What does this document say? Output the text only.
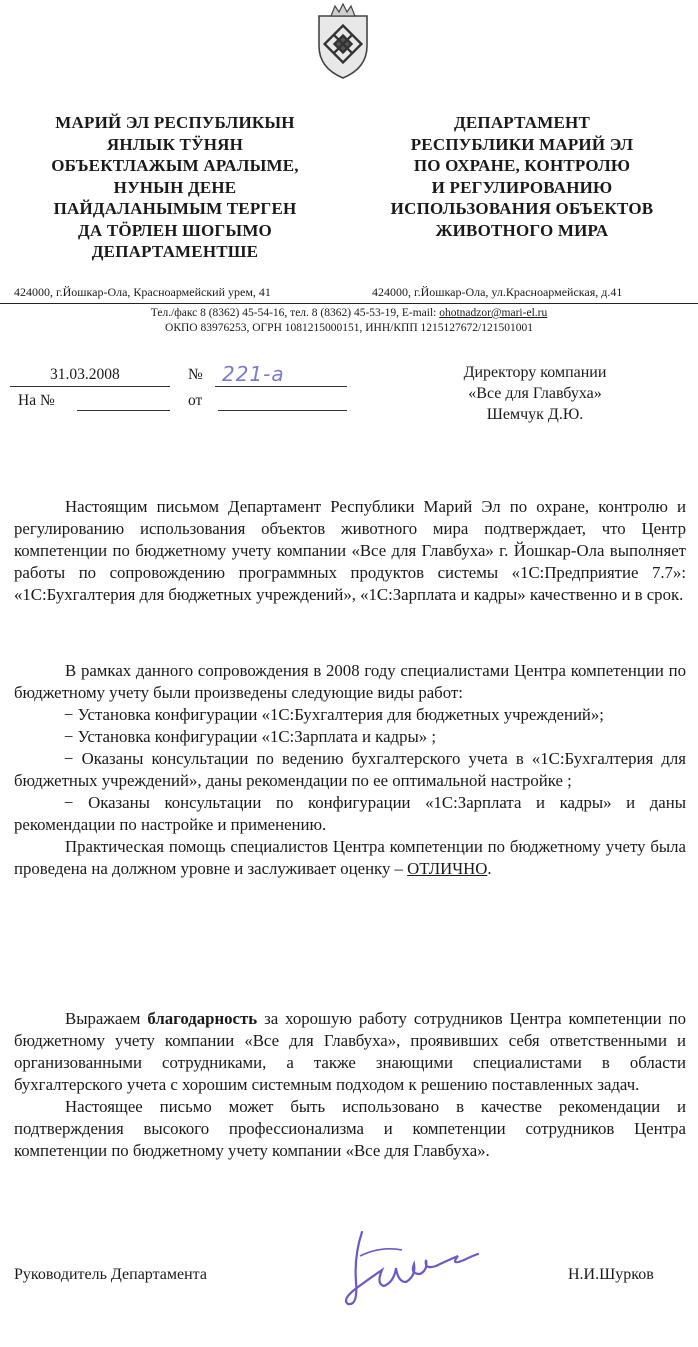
МАРИЙ ЭЛ РЕСПУБЛИКЫН
ЯНЛЫК ТӰНЯН
ОБЪЕКТЛАЖЫМ АРАЛЫМЕ,
НУНЫН ДЕНЕ
ПАЙДАЛАНЫМЫМ ТЕРГЕН
ДА ТӦРЛЕН ШОГЫМО
ДЕПАРТАМЕНТШЕ
ДЕПАРТАМЕНТ
РЕСПУБЛИКИ МАРИЙ ЭЛ
ПО ОХРАНЕ, КОНТРОЛЮ
И РЕГУЛИРОВАНИЮ
ИСПОЛЬЗОВАНИЯ ОБЪЕКТОВ
ЖИВОТНОГО МИРА
424000, г.Йошкар-Ола, Красноармейский урем, 41	424000, г.Йошкар-Ола, ул.Красноармейская, д.41
Тел./факс 8 (8362) 45-54-16, тел. 8 (8362) 45-53-19, E-mail: ohotnadzor@mari-el.ru
ОКПО 83976253, ОГРН 1081215000151, ИНН/КПП 1215127672/121501001
31.03.2008	№ 221-а
На №	от
Директору компании
«Все для Главбуха»
Шемчук Д.Ю.

Настоящим письмом Департамент Республики Марий Эл по охране, контролю и регулированию использования объектов животного мира подтверждает, что Центр компетенции по бюджетному учету компании «Все для Главбуха» г. Йошкар-Ола выполняет работы по сопровождению программных продуктов системы «1С:Предприятие 7.7»: «1С:Бухгалтерия для бюджетных учреждений», «1С:Зарплата и кадры» качественно и в срок.

В рамках данного сопровождения в 2008 году специалистами Центра компетенции по бюджетному учету были произведены следующие виды работ:

− Установка конфигурации «1С:Бухгалтерия для бюджетных учреждений»;

− Установка конфигурации «1С:Зарплата и кадры» ;

− Оказаны консультации по ведению бухгалтерского учета в «1С:Бухгалтерия для бюджетных учреждений», даны рекомендации по ее оптимальной настройке ;

− Оказаны консультации по конфигурации «1С:Зарплата и кадры» и даны рекомендации по настройке и применению.

Практическая помощь специалистов Центра компетенции по бюджетному учету была проведена на должном уровне и заслуживает оценку – ОТЛИЧНО.

Выражаем благодарность за хорошую работу сотрудников Центра компетенции по бюджетному учету компании «Все для Главбуха», проявивших себя ответственными и организованными сотрудниками, а также знающими специалистами в области бухгалтерского учета с хорошим системным подходом к решению поставленных задач.

Настоящее письмо может быть использовано в качестве рекомендации и подтверждения высокого профессионализма и компетенции сотрудников Центра компетенции по бюджетному учету компании «Все для Главбуха».

Руководитель Департамента	Н.И.Шурков
